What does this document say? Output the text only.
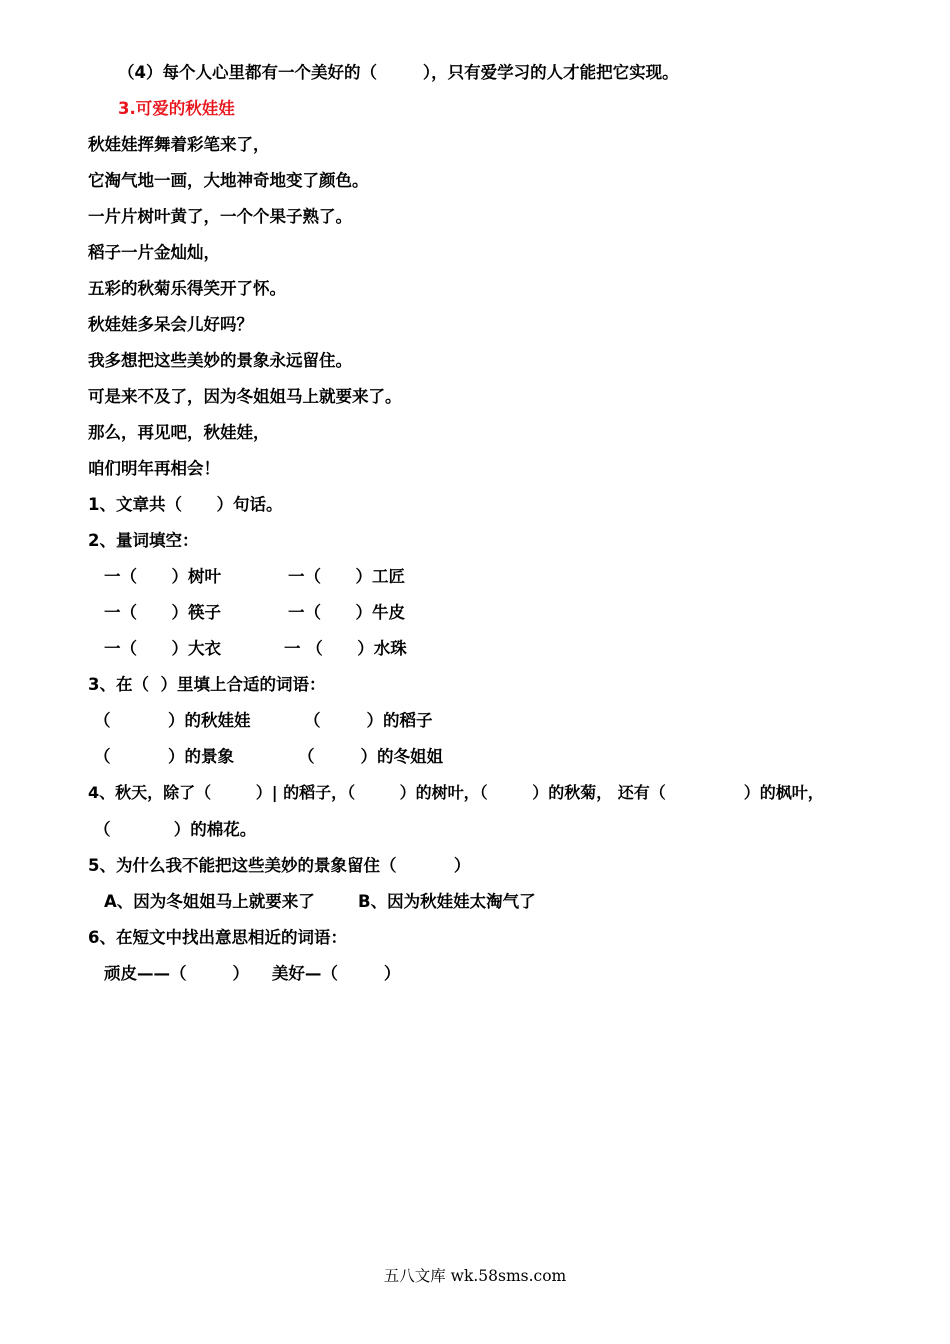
（4）每个人心里都有一个美好的（        ），只有爱学习的人才能把它实现。
3.可爱的秋娃娃
秋娃娃挥舞着彩笔来了，
它淘气地一画，大地神奇地变了颜色。
一片片树叶黄了，一个个果子熟了。
稻子一片金灿灿，
五彩的秋菊乐得笑开了怀。
秋娃娃多呆会儿好吗？
我多想把这些美妙的景象永远留住。
可是来不及了，因为冬姐姐马上就要来了。
那么，再见吧，秋娃娃，
咱们明年再相会！
1、文章共（      ）句话。
2、量词填空：
一（      ）树叶	一（      ）工匠
一（      ）筷子	一（      ）牛皮
一（      ）大衣	一 （      ）水珠
3、在（  ）里填上合适的词语：
（          ）的秋娃娃	（        ）的稻子
（          ）的景象	（        ）的冬姐姐
4、秋天，除了（        ）| 的稻子，（        ）的树叶，（        ）的秋菊， 还有（              ）的枫叶，
（           ）的棉花。
5、为什么我不能把这些美妙的景象留住（          ）
A、因为冬姐姐马上就要来了	B、因为秋娃娃太淘气了
6、在短文中找出意思相近的词语：
顽皮——（        ）    美好—（        ）
五八文库 wk.58sms.com
